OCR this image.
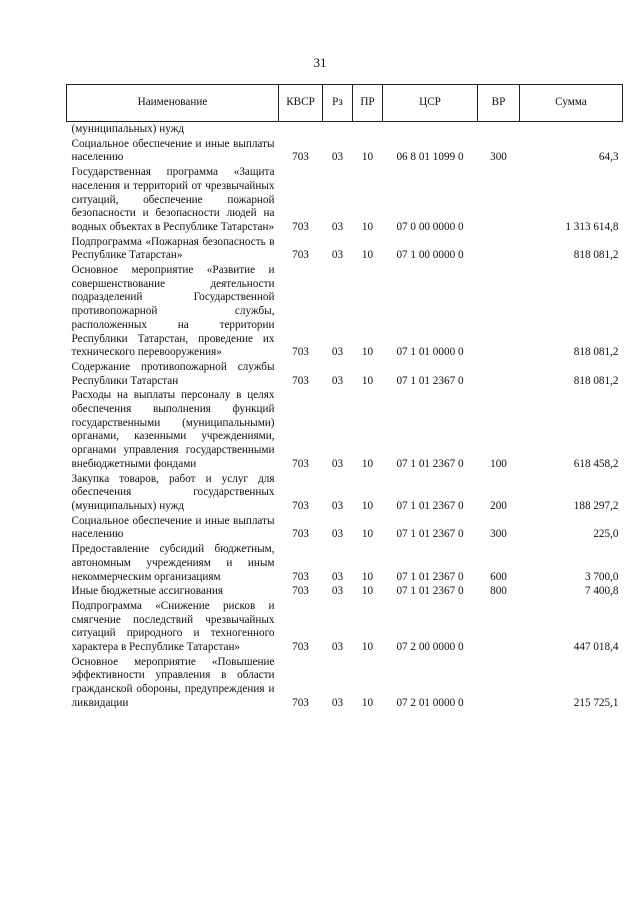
31
Наименование	КВСР	Рз	ПР	ЦСР	ВР	Сумма
(муниципальных) нужд						
Социальное обеспечение и иные выплаты населению	703	03	10	06 8 01 1099 0	300	64,3
Государственная программа «Защита населения и территорий от чрезвычайных ситуаций, обеспечение пожарной безопасности и безопасности людей на водных объектах в Республике Татарстан»	703	03	10	07 0 00 0000 0		1 313 614,8
Подпрограмма «Пожарная безопасность в Республике Татарстан»	703	03	10	07 1 00 0000 0		818 081,2
Основное мероприятие «Развитие и совершенствование деятельности подразделений Государственной противопожарной службы, расположенных на территории Республики Татарстан, проведение их технического перевооружения»	703	03	10	07 1 01 0000 0		818 081,2
Содержание противопожарной службы Республики Татарстан	703	03	10	07 1 01 2367 0		818 081,2
Расходы на выплаты персоналу в целях обеспечения выполнения функций государственными (муниципальными) органами, казенными учреждениями, органами управления государственными внебюджетными фондами	703	03	10	07 1 01 2367 0	100	618 458,2
Закупка товаров, работ и услуг для обеспечения государственных (муниципальных) нужд	703	03	10	07 1 01 2367 0	200	188 297,2
Социальное обеспечение и иные выплаты населению	703	03	10	07 1 01 2367 0	300	225,0
Предоставление субсидий бюджетным, автономным учреждениям и иным некоммерческим организациям	703	03	10	07 1 01 2367 0	600	3 700,0
Иные бюджетные ассигнования	703	03	10	07 1 01 2367 0	800	7 400,8
Подпрограмма «Снижение рисков и смягчение последствий чрезвычайных ситуаций природного и техногенного характера в Республике Татарстан»	703	03	10	07 2 00 0000 0		447 018,4
Основное мероприятие «Повышение эффективности управления в области гражданской обороны, предупреждения и ликвидации	703	03	10	07 2 01 0000 0		215 725,1
